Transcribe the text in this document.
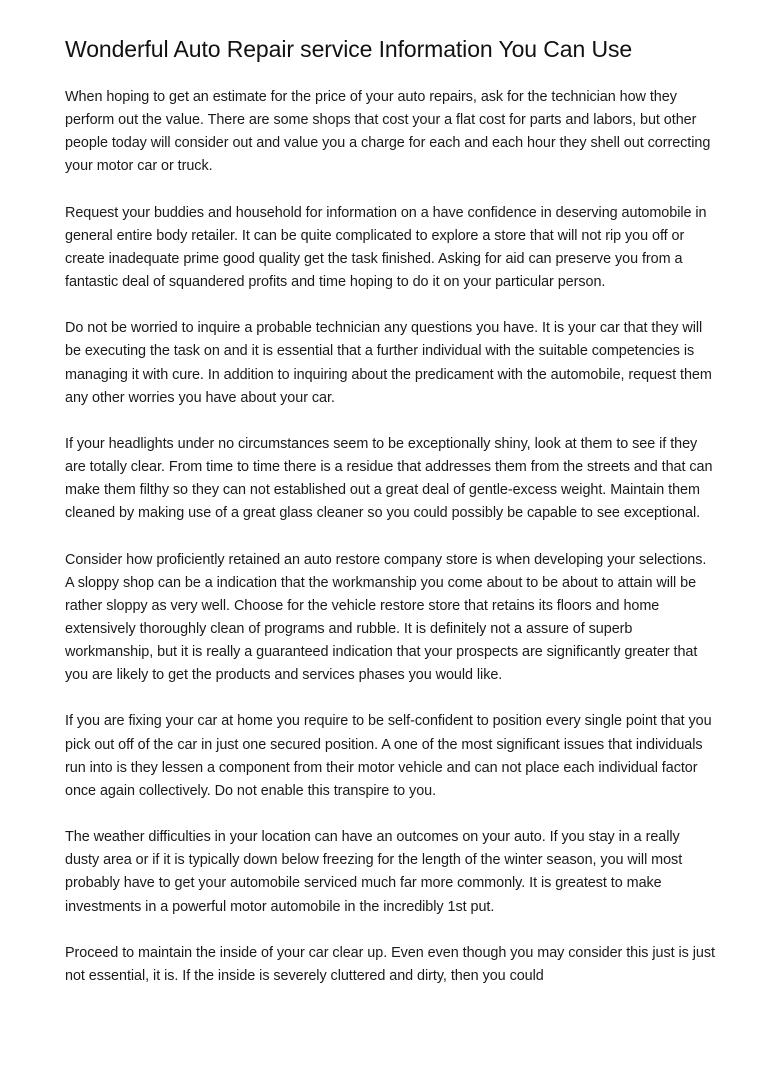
Wonderful Auto Repair service Information You Can Use

When hoping to get an estimate for the price of your auto repairs, ask for the technician how they perform out the value. There are some shops that cost your a flat cost for parts and labors, but other people today will consider out and value you a charge for each and each hour they shell out correcting your motor car or truck.

Request your buddies and household for information on a have confidence in deserving automobile in general entire body retailer. It can be quite complicated to explore a store that will not rip you off or create inadequate prime good quality get the task finished. Asking for aid can preserve you from a fantastic deal of squandered profits and time hoping to do it on your particular person.

Do not be worried to inquire a probable technician any questions you have. It is your car that they will be executing the task on and it is essential that a further individual with the suitable competencies is managing it with cure. In addition to inquiring about the predicament with the automobile, request them any other worries you have about your car.

If your headlights under no circumstances seem to be exceptionally shiny, look at them to see if they are totally clear. From time to time there is a residue that addresses them from the streets and that can make them filthy so they can not established out a great deal of gentle-excess weight. Maintain them cleaned by making use of a great glass cleaner so you could possibly be capable to see exceptional.

Consider how proficiently retained an auto restore company store is when developing your selections. A sloppy shop can be a indication that the workmanship you come about to be about to attain will be rather sloppy as very well. Choose for the vehicle restore store that retains its floors and home extensively thoroughly clean of programs and rubble. It is definitely not a assure of superb workmanship, but it is really a guaranteed indication that your prospects are significantly greater that you are likely to get the products and services phases you would like.

If you are fixing your car at home you require to be self-confident to position every single point that you pick out off of the car in just one secured position. A one of the most significant issues that individuals run into is they lessen a component from their motor vehicle and can not place each individual factor once again collectively. Do not enable this transpire to you.

The weather difficulties in your location can have an outcomes on your auto. If you stay in a really dusty area or if it is typically down below freezing for the length of the winter season, you will most probably have to get your automobile serviced much far more commonly. It is greatest to make investments in a powerful motor automobile in the incredibly 1st put.

Proceed to maintain the inside of your car clear up. Even even though you may consider this just is just not essential, it is. If the inside is severely cluttered and dirty, then you could
